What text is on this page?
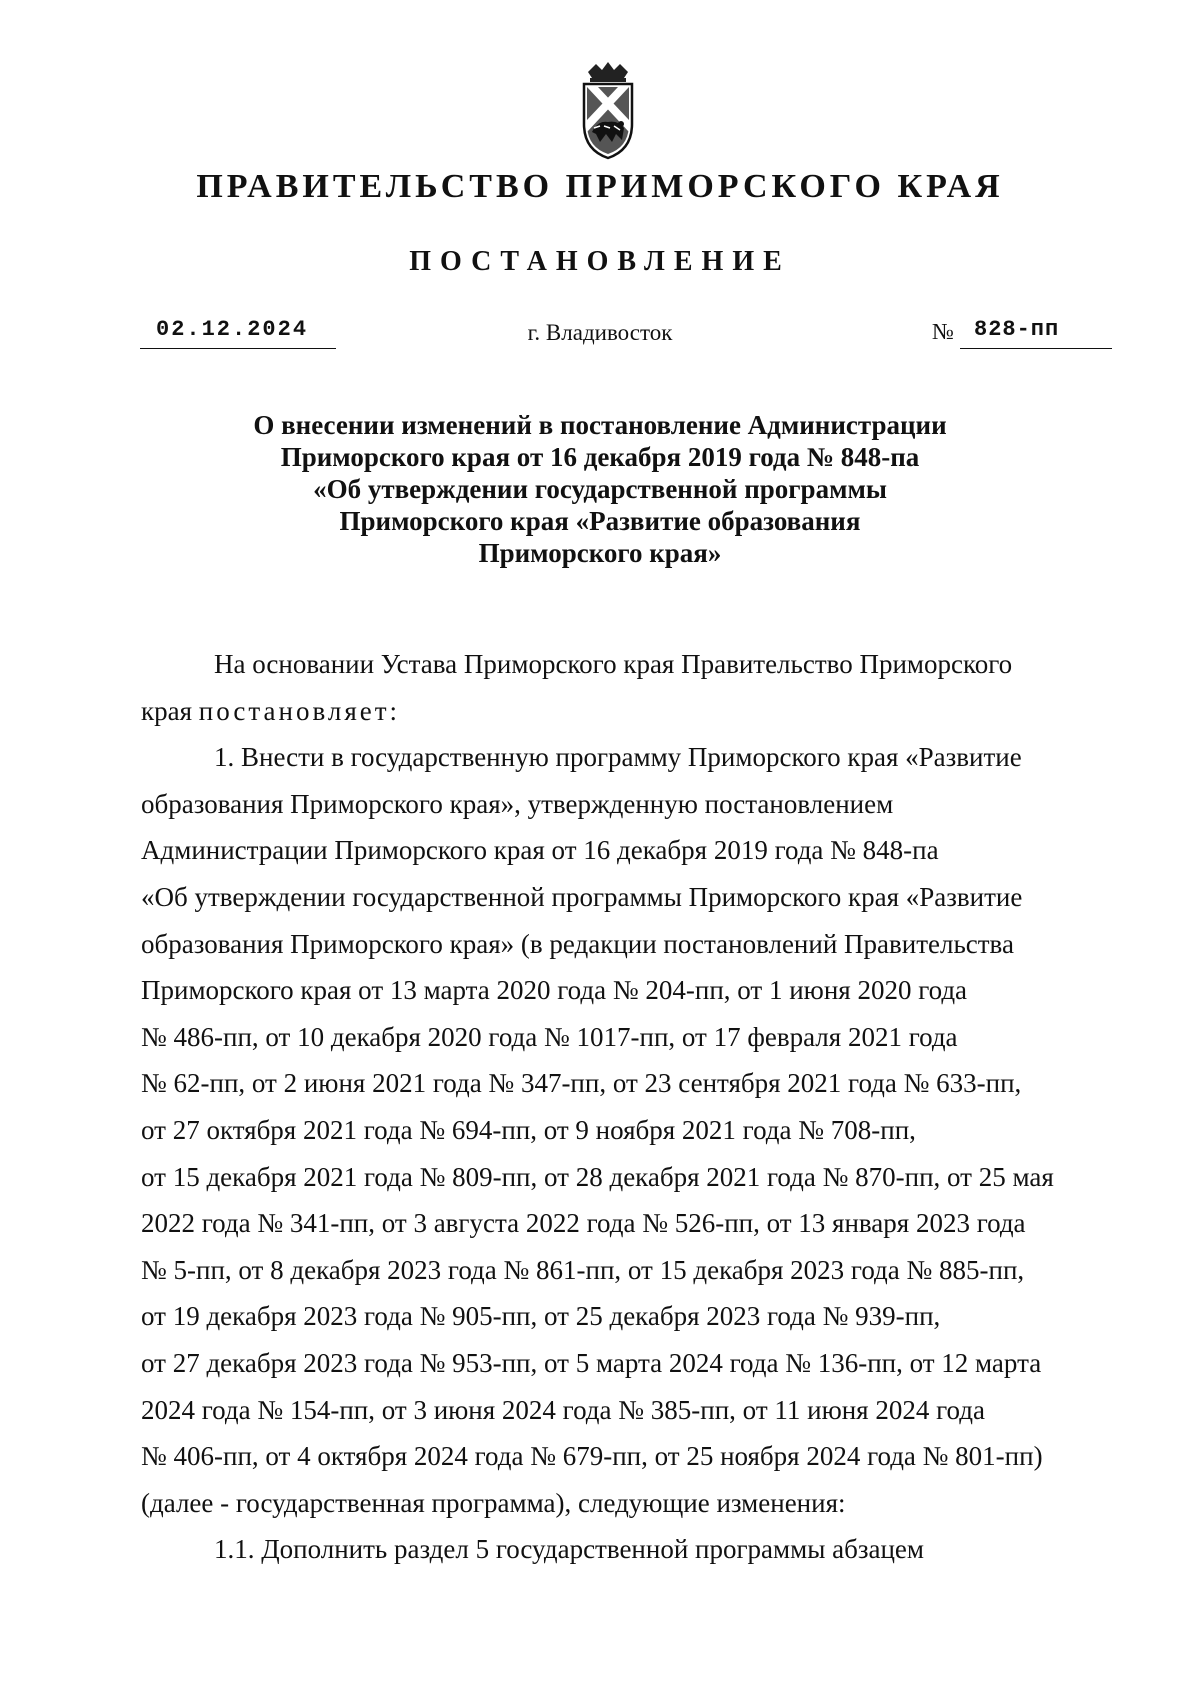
ПРАВИТЕЛЬСТВО ПРИМОРСКОГО КРАЯ
ПОСТАНОВЛЕНИЕ
02.12.2024	г. Владивосток	№ 828-пп
О внесении изменений в постановление Администрации
Приморского края от 16 декабря 2019 года № 848-па
«Об утверждении государственной программы
Приморского края «Развитие образования
Приморского края»
На основании Устава Приморского края Правительство Приморского
края постановляет:
1. Внести в государственную программу Приморского края «Развитие
образования Приморского края», утвержденную постановлением
Администрации Приморского края от 16 декабря 2019 года № 848-па
«Об утверждении государственной программы Приморского края «Развитие
образования Приморского края» (в редакции постановлений Правительства
Приморского края от 13 марта 2020 года № 204-пп, от 1 июня 2020 года
№ 486-пп, от 10 декабря 2020 года № 1017-пп, от 17 февраля 2021 года
№ 62-пп, от 2 июня 2021 года № 347-пп, от 23 сентября 2021 года № 633-пп,
от 27 октября 2021 года № 694-пп, от 9 ноября 2021 года № 708-пп,
от 15 декабря 2021 года № 809-пп, от 28 декабря 2021 года № 870-пп, от 25 мая
2022 года № 341-пп, от 3 августа 2022 года № 526-пп, от 13 января 2023 года
№ 5-пп, от 8 декабря 2023 года № 861-пп, от 15 декабря 2023 года № 885-пп,
от 19 декабря 2023 года № 905-пп, от 25 декабря 2023 года № 939-пп,
от 27 декабря 2023 года № 953-пп, от 5 марта 2024 года № 136-пп, от 12 марта
2024 года № 154-пп, от 3 июня 2024 года № 385-пп, от 11 июня 2024 года
№ 406-пп, от 4 октября 2024 года № 679-пп, от 25 ноября 2024 года № 801-пп)
(далее - государственная программа), следующие изменения:
1.1. Дополнить раздел 5 государственной программы абзацем
